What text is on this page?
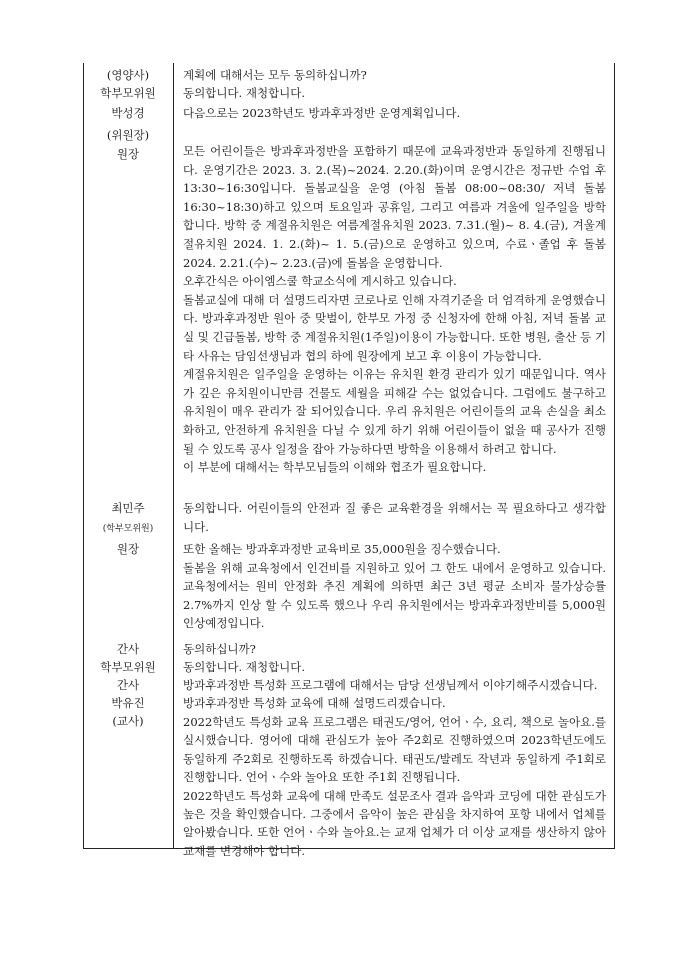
(영양사)
학부모위원
계획에 대해서는 모두 동의하십니까?
동의합니다. 재청합니다.
박성경
(위원장)
원장
다음으로는 2023학년도 방과후과정반 운영계획입니다.
모든 어린이들은 방과후과정반을 포함하기 때문에 교육과정반과 동일하게 진행됩니다. 운영기간은 2023. 3. 2.(목)~2024. 2.20.(화)이며 운영시간은 정규반 수업 후 13:30~16:30입니다. 돌봄교실을 운영 (아침 돌봄 08:00~08:30/ 저녁 돌봄 16:30~18:30)하고 있으며 토요일과 공휴일, 그리고 여름과 겨울에 일주일을 방학합니다. 방학 중 계절유치원은 여름계절유치원 2023. 7.31.(월)~ 8. 4.(금), 겨울계절유치원 2024. 1. 2.(화)~ 1. 5.(금)으로 운영하고 있으며, 수료ㆍ졸업 후 돌봄 2024. 2.21.(수)~ 2.23.(금)에 돌봄을 운영합니다.
오후간식은 아이엠스쿨 학교소식에 게시하고 있습니다.
돌봄교실에 대해 더 설명드리자면 코로나로 인해 자격기준을 더 엄격하게 운영했습니다. 방과후과정반 원아 중 맞벌이, 한부모 가정 중 신청자에 한해 아침, 저녁 돌봄 교실 및 긴급돌봄, 방학 중 계절유치원(1주일)이용이 가능합니다. 또한 병원, 출산 등 기타 사유는 담임선생님과 협의 하에 원장에게 보고 후 이용이 가능합니다.
계절유치원은 일주일을 운영하는 이유는 유치원 환경 관리가 있기 때문입니다. 역사가 깊은 유치원이니만큼 건물도 세월을 피해갈 수는 없었습니다. 그럼에도 불구하고 유치원이 매우 관리가 잘 되어있습니다. 우리 유치원은 어린이들의 교육 손실을 최소화하고, 안전하게 유치원을 다닐 수 있게 하기 위해 어린이들이 없을 때 공사가 진행될 수 있도록 공사 일정을 잡아 가능하다면 방학을 이용해서 하려고 합니다.
이 부분에 대해서는 학부모님들의 이해와 협조가 필요합니다.
최민주
(학부모위원)
원장
동의합니다. 어린이들의 안전과 질 좋은 교육환경을 위해서는 꼭 필요하다고 생각합니다.
또한 올해는 방과후과정반 교육비로 35,000원을 징수했습니다.
돌봄을 위해 교육청에서 인건비를 지원하고 있어 그 한도 내에서 운영하고 있습니다. 교육청에서는 원비 안정화 추진 계획에 의하면 최근 3년 평균 소비자 물가상승률 2.7%까지 인상 할 수 있도록 했으나 우리 유치원에서는 방과후과정반비를 5,000원 인상예정입니다.
간사
학부모위원
간사
박유진
(교사)
동의하십니까?
동의합니다. 재청합니다.
방과후과정반 특성화 프로그램에 대해서는 담당 선생님께서 이야기해주시겠습니다.
방과후과정반 특성화 교육에 대해 설명드리겠습니다.
2022학년도 특성화 교육 프로그램은 태권도/영어, 언어ㆍ수, 요리, 책으로 놀아요.를 실시했습니다. 영어에 대해 관심도가 높아 주2회로 진행하였으며 2023학년도에도 동일하게 주2회로 진행하도록 하겠습니다. 태권도/발레도 작년과 동일하게 주1회로 진행합니다. 언어ㆍ수와 놀아요 또한 주1회 진행됩니다.
2022학년도 특성화 교육에 대해 만족도 설문조사 결과 음악과 코딩에 대한 관심도가 높은 것을 확인했습니다. 그중에서 음악이 높은 관심을 차지하여 포항 내에서 업체를 알아봤습니다. 또한 언어ㆍ수와 놀아요.는 교재 업체가 더 이상 교재를 생산하지 않아 교재를 변경해야 합니다.
